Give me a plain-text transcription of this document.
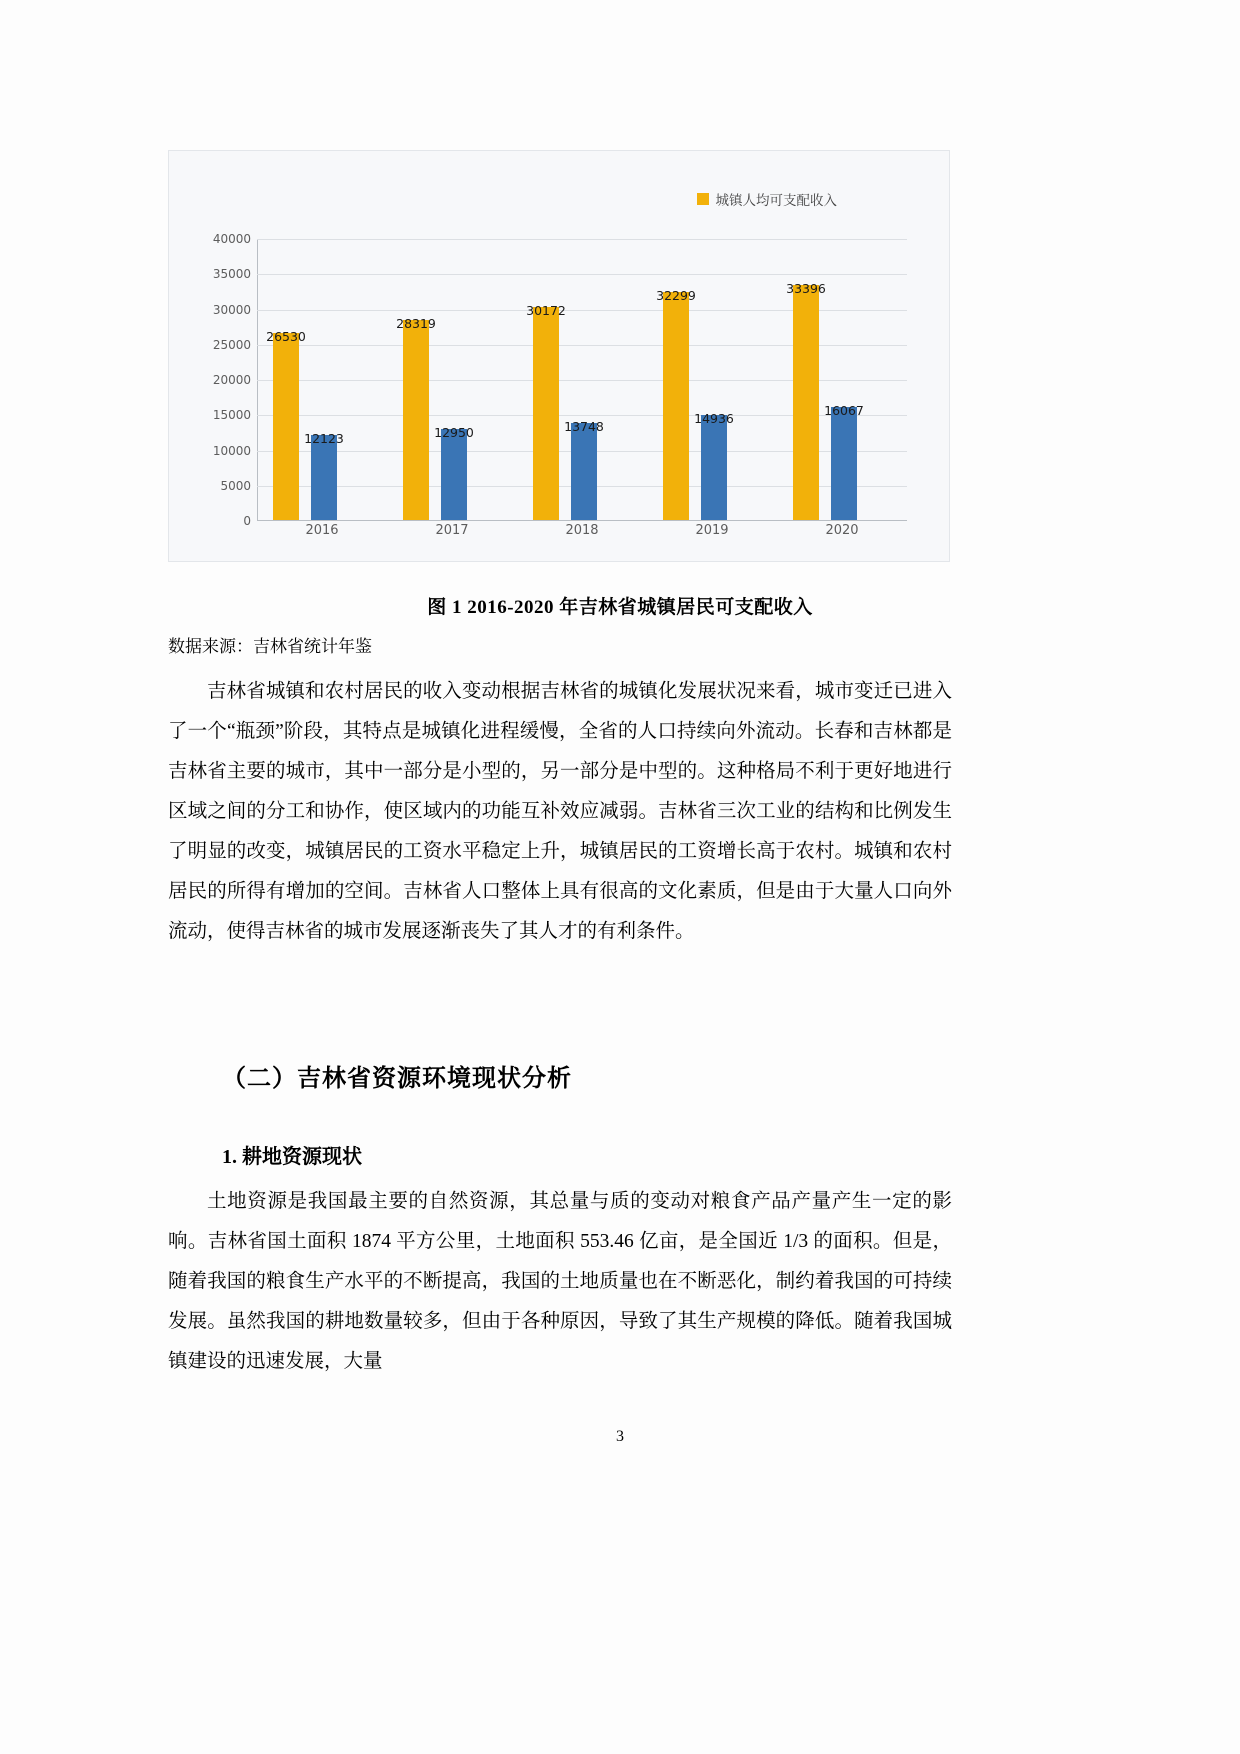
城镇人均可支配收入
40000
35000
30000
25000
20000
15000
10000
5000
0
26530
12123
28319
12950
30172
13748
32299
14936
33396
16067
2016	2017	2018	2019	2020
图 1 2016-2020 年吉林省城镇居民可支配收入
数据来源：吉林省统计年鉴

吉林省城镇和农村居民的收入变动根据吉林省的城镇化发展状况来看，城市变迁已进入了一个“瓶颈”阶段，其特点是城镇化进程缓慢，全省的人口持续向外流动。长春和吉林都是吉林省主要的城市，其中一部分是小型的，另一部分是中型的。这种格局不利于更好地进行区域之间的分工和协作，使区域内的功能互补效应减弱。吉林省三次工业的结构和比例发生了明显的改变，城镇居民的工资水平稳定上升，城镇居民的工资增长高于农村。城镇和农村居民的所得有增加的空间。吉林省人口整体上具有很高的文化素质，但是由于大量人口向外流动，使得吉林省的城市发展逐渐丧失了其人才的有利条件。

（二）吉林省资源环境现状分析
1. 耕地资源现状

土地资源是我国最主要的自然资源，其总量与质的变动对粮食产品产量产生一定的影响。吉林省国土面积 1874 平方公里，土地面积 553.46 亿亩，是全国近 1/3 的面积。但是，随着我国的粮食生产水平的不断提高，我国的土地质量也在不断恶化，制约着我国的可持续发展。虽然我国的耕地数量较多，但由于各种原因，导致了其生产规模的降低。随着我国城镇建设的迅速发展，大量

3
